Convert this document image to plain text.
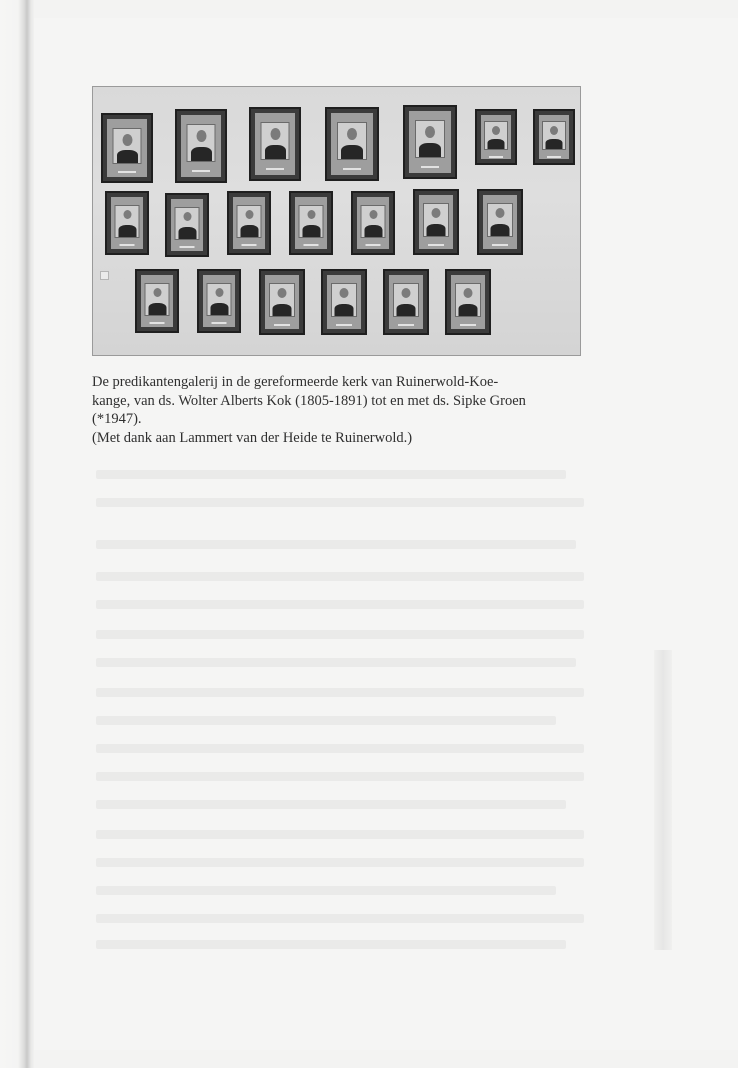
De predikantengalerij in de gereformeerde kerk van Ruinerwold-Koe-

kange, van ds. Wolter Alberts Kok (1805-1891) tot en met ds. Sipke Groen

(*1947).

(Met dank aan Lammert van der Heide te Ruinerwold.)
